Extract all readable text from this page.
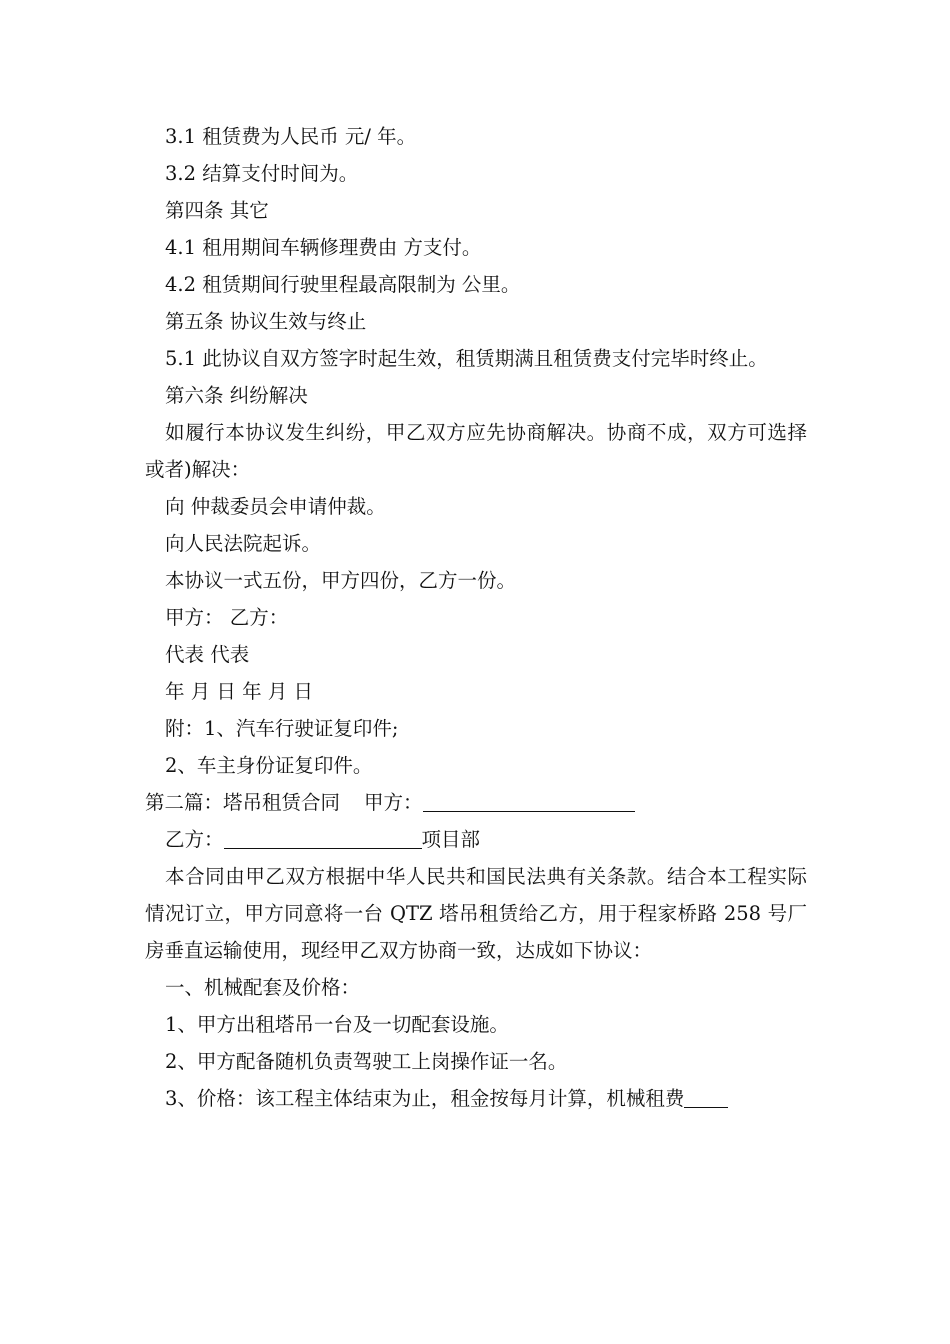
3.1 租赁费为人民币 元/ 年。
3.2 结算支付时间为。
第四条 其它
4.1 租用期间车辆修理费由 方支付。
4.2 租赁期间行驶里程最高限制为 公里。
第五条 协议生效与终止
5.1 此协议自双方签字时起生效，租赁期满且租赁费支付完毕时终止。
第六条 纠纷解决
如履行本协议发生纠纷，甲乙双方应先协商解决。协商不成，双方可选择 或者)解决：
向 仲裁委员会申请仲裁。
向人民法院起诉。
本协议一式五份，甲方四份，乙方一份。
甲方： 乙方：
代表 代表
年 月 日 年 月 日
附：1、汽车行驶证复印件;
2、车主身份证复印件。
第二篇：塔吊租赁合同 甲方：
乙方：	项目部
本合同由甲乙双方根据中华人民共和国民法典有关条款。结合本工程实际情况订立，甲方同意将一台 QTZ 塔吊租赁给乙方，用于程家桥路 258 号厂房垂直运输使用，现经甲乙双方协商一致，达成如下协议：
一、机械配套及价格：
1、甲方出租塔吊一台及一切配套设施。
2、甲方配备随机负责驾驶工上岗操作证一名。
3、价格：该工程主体结束为止，租金按每月计算，机械租费
